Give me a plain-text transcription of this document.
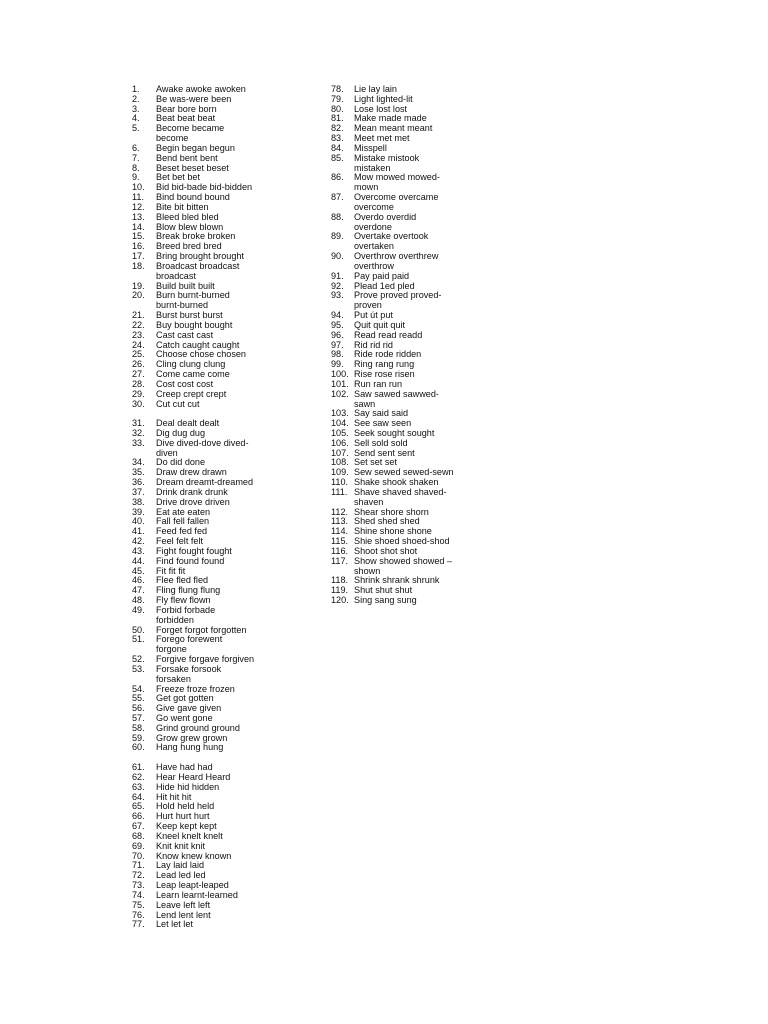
1.	Awake awoke awoken
2.	Be was-were been
3.	Bear bore born
4.	Beat beat beat
5.	Become became
become
6.	Begin began begun
7.	Bend bent bent
8.	Beset beset beset
9.	Bet bet bet
10.	Bid bid-bade bid-bidden
11.	Bind bound bound
12.	Bite bit bitten
13.	Bleed bled bled
14.	Blow blew blown
15.	Break broke broken
16.	Breed bred bred
17.	Bring brought brought
18.	Broadcast broadcast
broadcast
19.	Build built built
20.	Burn burnt-burned
burnt-burned
21.	Burst burst burst
22.	Buy bought bought
23.	Cast cast cast
24.	Catch caught caught
25.	Choose chose chosen
26.	Cling clung clung
27.	Come came come
28.	Cost cost cost
29.	Creep crept crept
30.	Cut cut cut
31.	Deal dealt dealt
32.	Dig dug dug
33.	Dive dived-dove dived-
diven
34.	Do did done
35.	Draw drew drawn
36.	Dream dreamt-dreamed
37.	Drink drank drunk
38.	Drive drove driven
39.	Eat ate eaten
40.	Fall fell fallen
41.	Feed fed fed
42.	Feel felt felt
43.	Fight fought fought
44.	Find found found
45.	Fit fit fit
46.	Flee fled fled
47.	Fling flung flung
48.	Fly flew flown
49.	Forbid forbade
forbidden
50.	Forget forgot forgotten
51.	Forego forewent
forgone
52.	Forgive forgave forgiven
53.	Forsake forsook
forsaken
54.	Freeze froze frozen
55.	Get got gotten
56.	Give gave given
57.	Go went gone
58.	Grind ground ground
59.	Grow grew grown
60.	Hang hung hung
61.	Have had had
62.	Hear Heard Heard
63.	Hide hid hidden
64.	Hit hit hit
65.	Hold held held
66.	Hurt hurt hurt
67.	Keep kept kept
68.	Kneel knelt knelt
69.	Knit knit knit
70.	Know knew known
71.	Lay laid laid
72.	Lead led led
73.	Leap leapt-leaped
74.	Learn learnt-learned
75.	Leave left left
76.	Lend lent lent
77.	Let let let
78.	Lie lay lain
79.	Light lighted-lit
80.	Lose lost lost
81.	Make made made
82.	Mean meant meant
83.	Meet met met
84.	Misspell
85.	Mistake mistook
mistaken
86.	Mow mowed mowed-
mown
87.	Overcome overcame
overcome
88.	Overdo overdid
overdone
89.	Overtake overtook
overtaken
90.	Overthrow overthrew
overthrow
91.	Pay paid paid
92.	Plead 1ed pled
93.	Prove proved proved-
proven
94.	Put út put
95.	Quit quit quit
96.	Read read readd
97.	Rid rid rid
98.	Ride rode ridden
99.	Ring rang rung
100. Rise rose risen
101. Run ran run
102. Saw sawed sawwed-
sawn
103. Say said said
104. See saw seen
105. Seek sought sought
106. Sell sold sold
107. Send sent sent
108. Set set set
109. Sew sewed sewed-sewn
110. Shake shook shaken
111. Shave shaved shaved-
shaven
112. Shear shore shorn
113. Shed shed shed
114. Shine shone shone
115. Shie shoed shoed-shod
116. Shoot shot shot
117. Show showed showed –
shown
118. Shrink shrank shrunk
119. Shut shut shut
120. Sing sang sung
